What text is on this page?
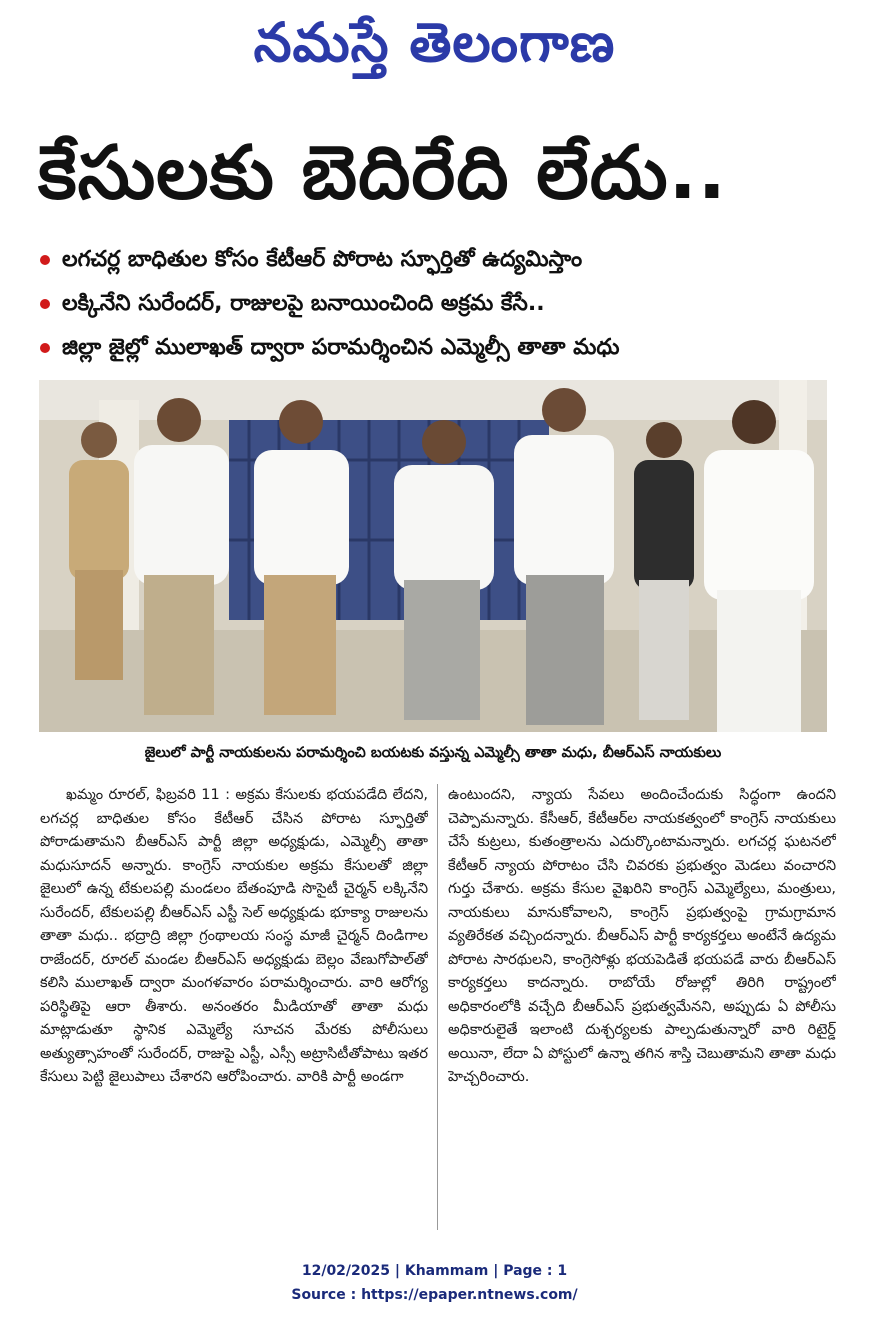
నమస్తే తెలంగాణ
కేసులకు బెదిరేది లేదు..
లగచర్ల బాధితుల కోసం కేటీఆర్ పోరాట స్ఫూర్తితో ఉద్యమిస్తాం
లక్కినేని సురేందర్, రాజులపై బనాయించింది అక్రమ కేసే..
జిల్లా జైల్లో ములాఖత్ ద్వారా పరామర్శించిన ఎమ్మెల్సీ తాతా మధు
జైలులో పార్టీ నాయకులను పరామర్శించి బయటకు వస్తున్న ఎమ్మెల్సీ తాతా మధు, బీఆర్ఎస్ నాయకులు
ఖమ్మం రూరల్, ఫిబ్రవరి 11 : అక్రమ కేసులకు భయపడేది లేదని, లగచర్ల బాధితుల కోసం కేటీఆర్ చేసిన పోరాట స్ఫూర్తితో పోరాడుతామని బీఆర్ఎస్ పార్టీ జిల్లా అధ్యక్షుడు, ఎమ్మెల్సీ తాతా మధుసూదన్ అన్నారు. కాంగ్రెస్ నాయకుల అక్రమ కేసులతో జిల్లా జైలులో ఉన్న టేకులపల్లి మండలం బేతంపూడి సొసైటీ చైర్మన్ లక్కినేని సురేందర్, టేకులపల్లి బీఆర్ఎస్ ఎస్టీ సెల్ అధ్యక్షుడు భూక్యా రాజులను తాతా మధు.. భద్రాద్రి జిల్లా గ్రంథాలయ సంస్థ మాజీ చైర్మన్ దిండిగాల రాజేందర్, రూరల్ మండల బీఆర్ఎస్ అధ్యక్షుడు బెల్లం వేణుగోపాల్‌తో కలిసి ములాఖత్ ద్వారా మంగళవారం పరామర్శించారు. వారి ఆరోగ్య పరిస్థితిపై ఆరా తీశారు. అనంతరం మీడియాతో తాతా మధు మాట్లాడుతూ స్థానిక ఎమ్మెల్యే సూచన మేరకు పోలీసులు అత్యుత్సాహంతో సురేందర్, రాజుపై ఎస్టీ, ఎస్సీ అట్రాసిటీతోపాటు ఇతర కేసులు పెట్టి జైలుపాలు చేశారని ఆరోపించారు. వారికి పార్టీ అండగా
ఉంటుందని, న్యాయ సేవలు అందించేందుకు సిద్ధంగా ఉందని చెప్పామన్నారు. కేసీఆర్, కేటీఆర్‌ల నాయకత్వంలో కాంగ్రెస్ నాయకులు చేసే కుట్రలు, కుతంత్రాలను ఎదుర్కొంటామన్నారు. లగచర్ల ఘటనలో కేటీఆర్ న్యాయ పోరాటం చేసి చివరకు ప్రభుత్వం మెడలు వంచారని గుర్తు చేశారు. అక్రమ కేసుల వైఖరిని కాంగ్రెస్ ఎమ్మెల్యేలు, మంత్రులు, నాయకులు మానుకోవాలని, కాంగ్రెస్ ప్రభుత్వంపై గ్రామగ్రామాన వ్యతిరేకత వచ్చిందన్నారు. బీఆర్ఎస్ పార్టీ కార్యకర్తలు అంటేనే ఉద్యమ పోరాట సారథులని, కాంగ్రెసోళ్లు భయపెడితే భయపడే వారు బీఆర్ఎస్ కార్యకర్తలు కాదన్నారు. రాబోయే రోజుల్లో తిరిగి రాష్ట్రంలో అధికారంలోకి వచ్చేది బీఆర్ఎస్ ప్రభుత్వమేనని, అప్పుడు ఏ పోలీసు అధికారులైతే ఇలాంటి దుశ్చర్యలకు పాల్పడుతున్నారో వారి రిటైర్డ్ అయినా, లేదా ఏ పోస్టులో ఉన్నా తగిన శాస్తి చెబుతామని తాతా మధు హెచ్చరించారు.
12/02/2025 | Khammam | Page : 1
Source : https://epaper.ntnews.com/
